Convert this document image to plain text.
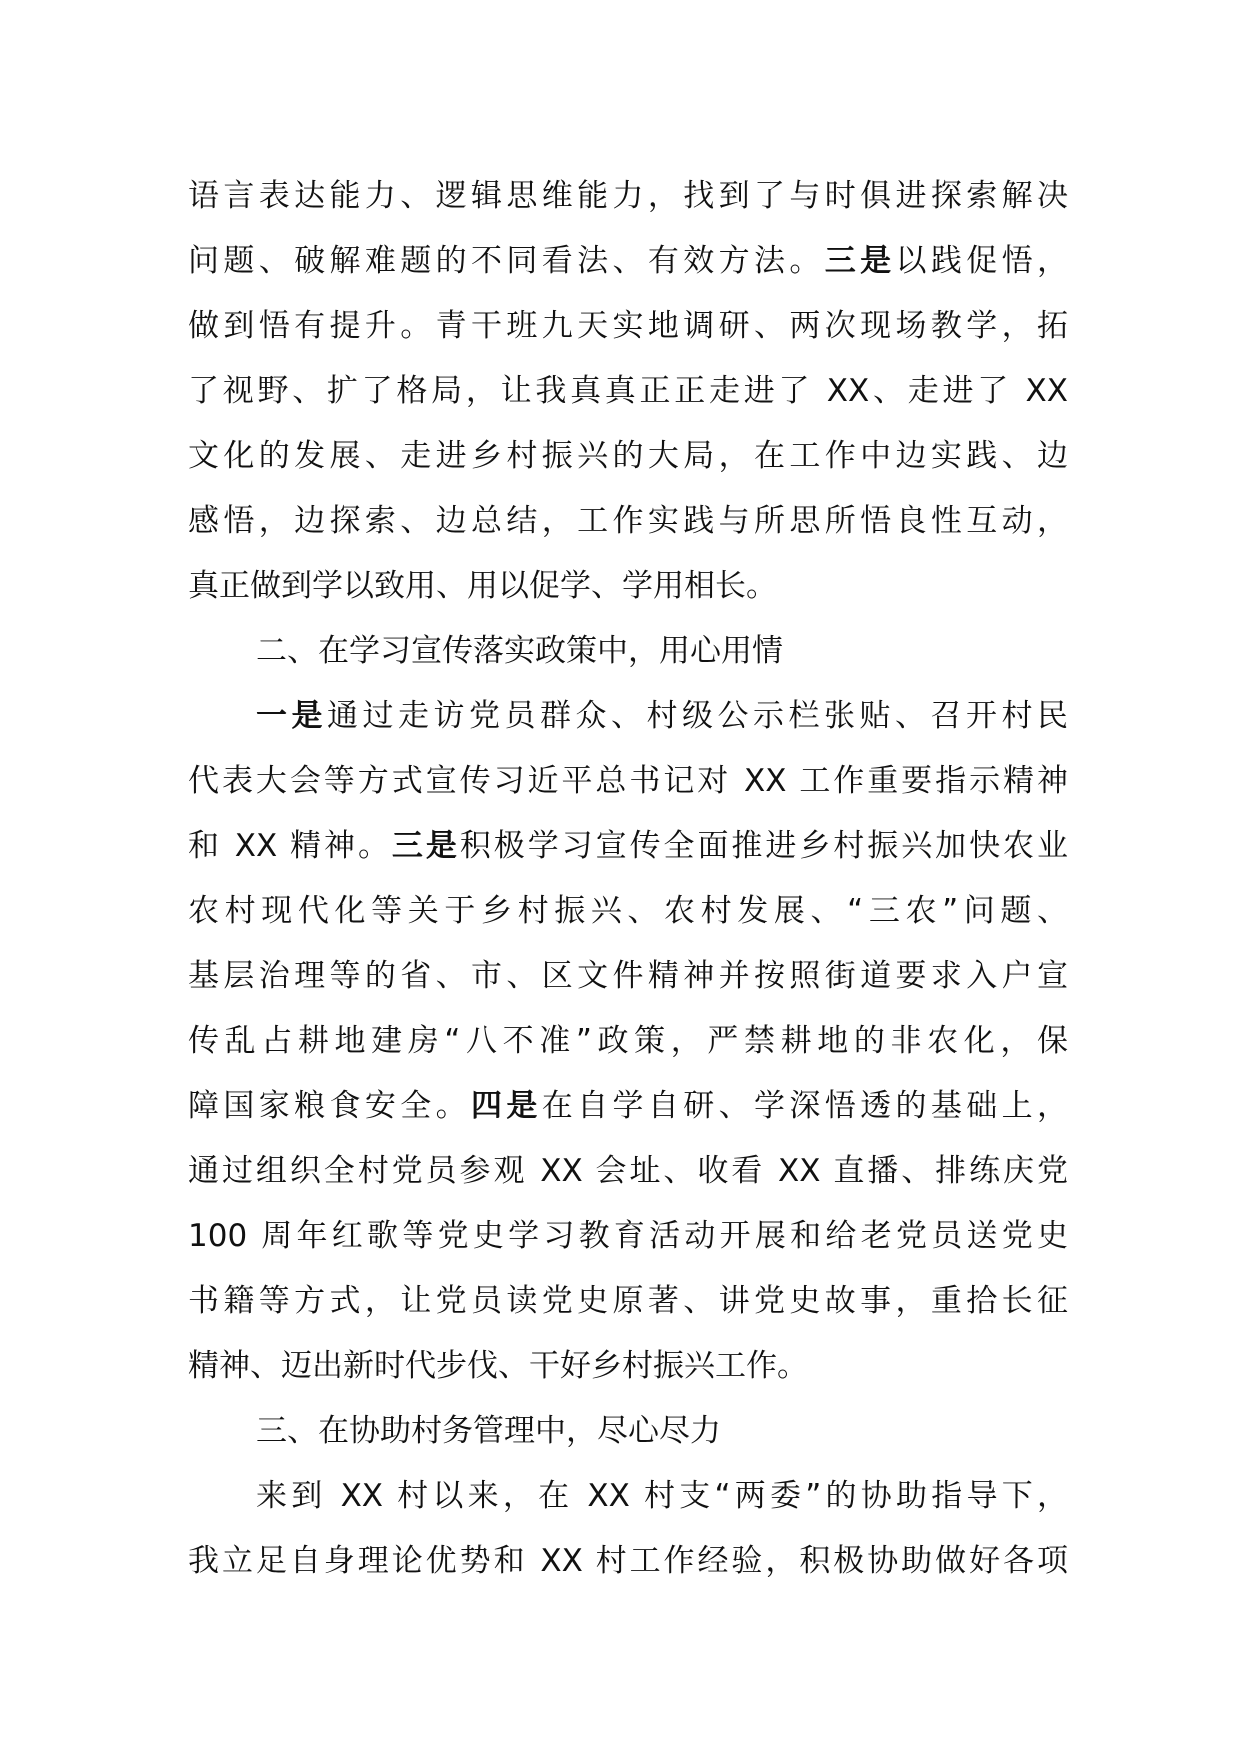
语言表达能力、逻辑思维能力，找到了与时俱进探索解决
问题、破解难题的不同看法、有效方法。三是以践促悟，
做到悟有提升。青干班九天实地调研、两次现场教学，拓
了视野、扩了格局，让我真真正正走进了 XX、走进了 XX
文化的发展、走进乡村振兴的大局，在工作中边实践、边
感悟，边探索、边总结，工作实践与所思所悟良性互动，
真正做到学以致用、用以促学、学用相长。
二、在学习宣传落实政策中，用心用情
一是通过走访党员群众、村级公示栏张贴、召开村民
代表大会等方式宣传习近平总书记对 XX 工作重要指示精神
和 XX 精神。三是积极学习宣传全面推进乡村振兴加快农业
农村现代化等关于乡村振兴、农村发展、“三农”问题、
基层治理等的省、市、区文件精神并按照街道要求入户宣
传乱占耕地建房“八不准”政策，严禁耕地的非农化，保
障国家粮食安全。四是在自学自研、学深悟透的基础上，
通过组织全村党员参观 XX 会址、收看 XX 直播、排练庆党
100 周年红歌等党史学习教育活动开展和给老党员送党史
书籍等方式，让党员读党史原著、讲党史故事，重拾长征
精神、迈出新时代步伐、干好乡村振兴工作。
三、在协助村务管理中，尽心尽力
来到 XX 村以来，在 XX 村支“两委”的协助指导下，
我立足自身理论优势和 XX 村工作经验，积极协助做好各项
